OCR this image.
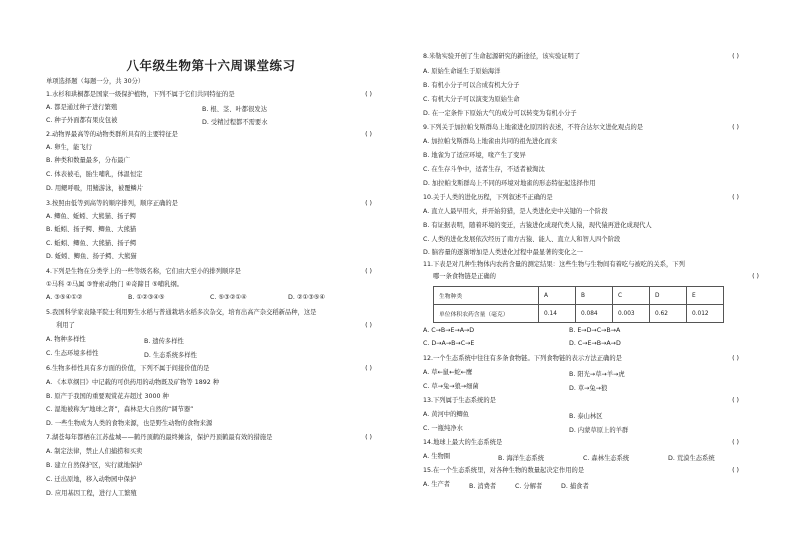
八年级生物第十六周课堂练习
单项选择题（每题一分，共 30分）
1.水杉和珙桐都是国家一级保护植物，下列不属于它们共同特征的是	( )
A. 都是通过种子进行繁殖	B. 根、茎、叶都很发达
C. 种子外面都有果皮包被	D. 受精过程都不需要水
2.动物界最高等的动物类群所具有的主要特征是	( )
A. 卵生，能飞行
B. 种类和数量最多，分布最广
C. 体表被毛，胎生哺乳，体温恒定
D. 用鳃呼吸，用鳍游泳，被覆鳞片
3.按照由低等到高等的顺序排列，顺序正确的是	( )
A. 鲫鱼、蚯蚓、大熊猫、扬子鳄
B. 蚯蚓、扬子鳄、鲫鱼、大熊猫
C. 蚯蚓、鲫鱼、大熊猫、扬子鳄
D. 蚯蚓、鲫鱼、扬子鳄、大熊猫
4.下列是生物在分类学上的一些等级名称，它们由大至小的排列顺序是	( )
①马科 ②马属 ③脊索动物门 ④奇蹄目 ⑤哺乳纲。
A. ③⑤④①②	B. ①②③④⑤	C. ⑤③②①④	D. ②①③⑤④
5.我国科学家袁隆平院士利用野生水稻与普通栽培水稻多次杂交，培育出高产杂交稻新品种，这是
利用了	( )
A. 物种多样性	B. 遗传多样性
C. 生态环境多样性	D. 生态系统多样性
6.生物多样性具有多方面的价值，下列不属于间接价值的是	( )
A. 《本草纲目》中记载的可供药用的动物既及矿物等 1892 种
B. 原产于我国的重要观赏花卉超过 3000 种
C. 湿地被称为“地球之肾”，森林是大自然的“调节器”
D. 一些生物成为人类的食物来源，也是野生动物的食物来源
7.湖苍每年都栖在江苏盐城——鹤丹顶鹤的最终摊涂，保护丹顶鹤最有效的措施是	( )
A. 制定法律，禁止人们捕捞和买卖
B. 建立自然保护区，实行就地保护
C. 迁出原地，移入动物园中保护
D. 应用基因工程，进行人工繁殖
8.米勒实验开创了生命起源研究的新途径，该实验证明了	( )
A. 原始生命诞生于原始海洋
B. 有机小分子可以合成有机大分子
C. 有机大分子可以演变为原始生命
D. 在一定条件下原始大气的成分可以转变为有机小分子
9.下列关于加拉帕戈斯群岛上地雀进化原因的表述，不符合达尔文进化观点的是	( )
A. 加拉帕戈斯群岛上地雀由共同的祖先进化而来
B. 地雀为了适应环境，喙产生了变异
C. 在生存斗争中，适者生存，不适者被淘汰
D. 加拉帕戈斯群岛上不同的环境对地雀的形态特征起选择作用
10.关于人类的进化历程，下列叙述不正确的是	( )
A. 直立人最早用火，并开始狩猎，是人类进化史中关键的一个阶段
B. 有证据表明，随着环境的变迁，古猿进化成现代类人猿，现代猿再进化成现代人
C. 人类的进化发展依次经历了南方古猿、能人、直立人和智人四个阶段
D. 脑容量的逐渐增加是人类进化过程中最显著的变化之一
11.下表是对几种生物体内农药含量的测定结果：这些生物与生物间有着吃与被吃的关系，下列
哪一条食物链是正确的	( )
生物种类	A	B	C	D	E
单位体积农药含量（毫克）	0.14	0.084	0.003	0.62	0.012
A. C→B→E→A→D	B. E→D→C→B→A
C. D→A→B→C→E	D. C→E→B→A→D
12.一个生态系统中往往有多条食物链。下列食物链的表示方法正确的是	( )
A. 草←鼠←蛇←鹰	B. 阳光→草→羊→虎
C. 草→兔→狼→细菌	D. 草→兔→狼
13.下列属于生态系统的是	( )
A. 黄河中的鲫鱼	B. 泰山林区
C. 一瓶纯净水	D. 内蒙草原上的羊群
14.地球上最大的生态系统是	( )
A. 生物圈	B. 海洋生态系统	C. 森林生态系统	D. 荒漠生态系统
15.在一个生态系统里，对各种生物的数量起决定作用的是	( )
A. 生产者	B. 消费者	C. 分解者	D. 捕食者
